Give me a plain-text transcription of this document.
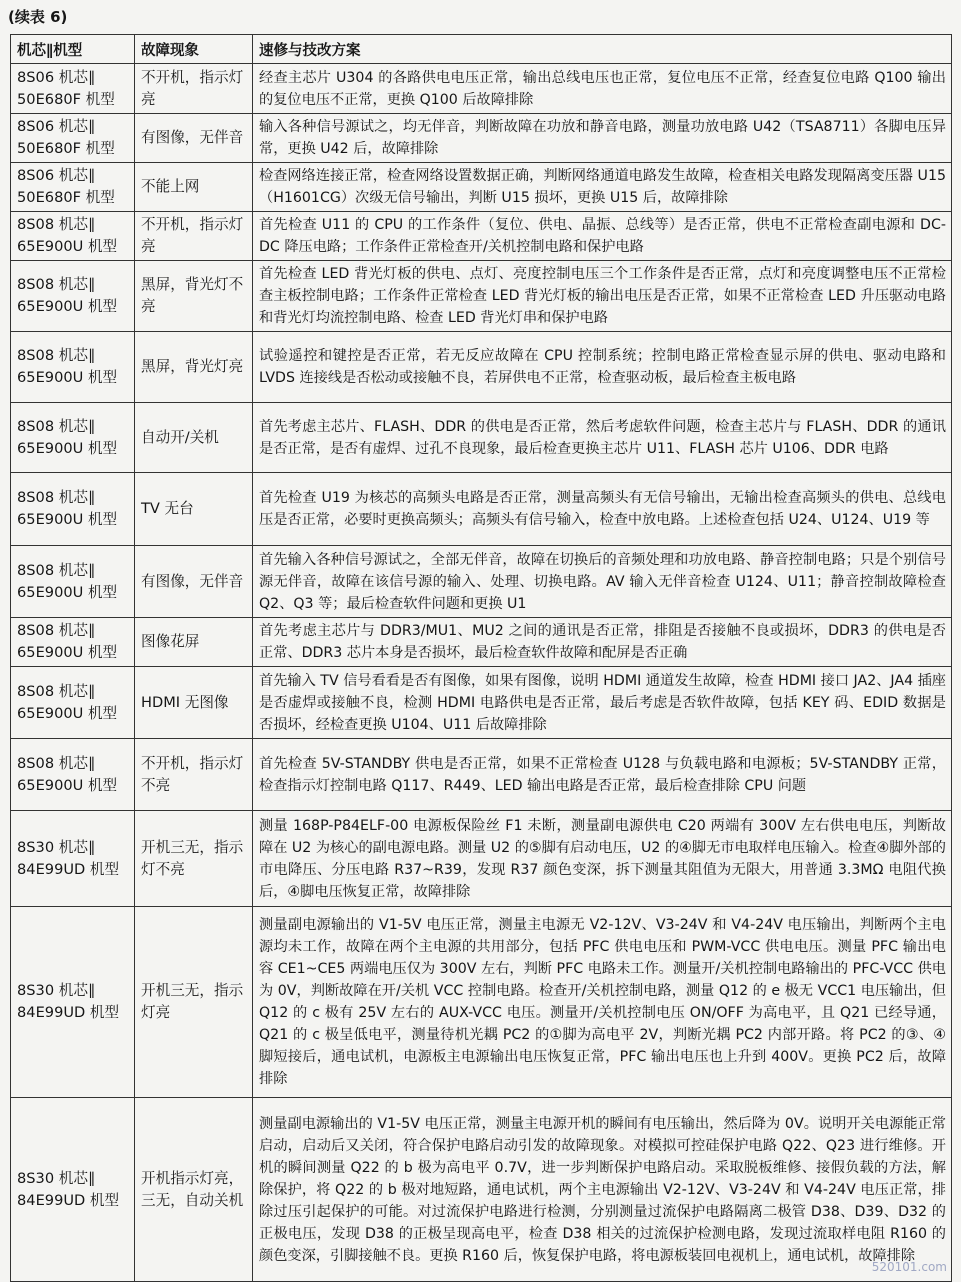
(续表 6)
机芯∥机型	故障现象	速修与技改方案
8S06 机芯∥ 50E680F 机型	不开机，指示灯亮	经查主芯片 U304 的各路供电电压正常，输出总线电压也正常，复位电压不正常，经查复位电路 Q100 输出的复位电压不正常，更换 Q100 后故障排除
8S06 机芯∥ 50E680F 机型	有图像，无伴音	输入各种信号源试之，均无伴音，判断故障在功放和静音电路，测量功放电路 U42（TSA8711）各脚电压异常，更换 U42 后，故障排除
8S06 机芯∥ 50E680F 机型	不能上网	检查网络连接正常，检查网络设置数据正确，判断网络通道电路发生故障，检查相关电路发现隔离变压器 U15（H1601CG）次级无信号输出，判断 U15 损坏，更换 U15 后，故障排除
8S08 机芯∥ 65E900U 机型	不开机，指示灯亮	首先检查 U11 的 CPU 的工作条件（复位、供电、晶振、总线等）是否正常，供电不正常检查副电源和 DC-DC 降压电路；工作条件正常检查开/关机控制电路和保护电路
8S08 机芯∥ 65E900U 机型	黑屏，背光灯不亮	首先检查 LED 背光灯板的供电、点灯、亮度控制电压三个工作条件是否正常，点灯和亮度调整电压不正常检查主板控制电路；工作条件正常检查 LED 背光灯板的输出电压是否正常，如果不正常检查 LED 升压驱动电路和背光灯均流控制电路、检查 LED 背光灯串和保护电路
8S08 机芯∥ 65E900U 机型	黑屏，背光灯亮	试验遥控和键控是否正常，若无反应故障在 CPU 控制系统；控制电路正常检查显示屏的供电、驱动电路和 LVDS 连接线是否松动或接触不良，若屏供电不正常，检查驱动板，最后检查主板电路
8S08 机芯∥ 65E900U 机型	自动开/关机	首先考虑主芯片、FLASH、DDR 的供电是否正常，然后考虑软件问题，检查主芯片与 FLASH、DDR 的通讯是否正常，是否有虚焊、过孔不良现象，最后检查更换主芯片 U11、FLASH 芯片 U106、DDR 电路
8S08 机芯∥ 65E900U 机型	TV 无台	首先检查 U19 为核芯的高频头电路是否正常，测量高频头有无信号输出，无输出检查高频头的供电、总线电压是否正常，必要时更换高频头；高频头有信号输入，检查中放电路。上述检查包括 U24、U124、U19 等
8S08 机芯∥ 65E900U 机型	有图像，无伴音	首先输入各种信号源试之，全部无伴音，故障在切换后的音频处理和功放电路、静音控制电路；只是个别信号源无伴音，故障在该信号源的输入、处理、切换电路。AV 输入无伴音检查 U124、U11；静音控制故障检查 Q2、Q3 等；最后检查软件问题和更换 U1
8S08 机芯∥ 65E900U 机型	图像花屏	首先考虑主芯片与 DDR3/MU1、MU2 之间的通讯是否正常，排阻是否接触不良或损坏，DDR3 的供电是否正常、DDR3 芯片本身是否损坏，最后检查软件故障和配屏是否正确
8S08 机芯∥ 65E900U 机型	HDMI 无图像	首先输入 TV 信号看看是否有图像，如果有图像，说明 HDMI 通道发生故障，检查 HDMI 接口 JA2、JA4 插座是否虚焊或接触不良，检测 HDMI 电路供电是否正常，最后考虑是否软件故障，包括 KEY 码、EDID 数据是否损坏，经检查更换 U104、U11 后故障排除
8S08 机芯∥ 65E900U 机型	不开机，指示灯不亮	首先检查 5V-STANDBY 供电是否正常，如果不正常检查 U128 与负载电路和电源板；5V-STANDBY 正常，检查指示灯控制电路 Q117、R449、LED 输出电路是否正常，最后检查排除 CPU 问题
8S30 机芯∥ 84E99UD 机型	开机三无，指示灯不亮	测量 168P-P84ELF-00 电源板保险丝 F1 未断，测量副电源供电 C20 两端有 300V 左右供电电压，判断故障在 U2 为核心的副电源电路。测量 U2 的⑤脚有启动电压，U2 的④脚无市电取样电压输入。检查④脚外部的市电降压、分压电路 R37~R39，发现 R37 颜色变深，拆下测量其阻值为无限大，用普通 3.3MΩ 电阻代换后，④脚电压恢复正常，故障排除
8S30 机芯∥ 84E99UD 机型	开机三无，指示灯亮	测量副电源输出的 V1-5V 电压正常，测量主电源无 V2-12V、V3-24V 和 V4-24V 电压输出，判断两个主电源均未工作，故障在两个主电源的共用部分，包括 PFC 供电电压和 PWM-VCC 供电电压。测量 PFC 输出电容 CE1~CE5 两端电压仅为 300V 左右，判断 PFC 电路未工作。测量开/关机控制电路输出的 PFC-VCC 供电为 0V，判断故障在开/关机 VCC 控制电路。检查开/关机控制电路，测量 Q12 的 e 极无 VCC1 电压输出，但 Q12 的 c 极有 25V 左右的 AUX-VCC 电压。测量开/关机控制电压 ON/OFF 为高电平，且 Q21 已经导通，Q21 的 c 极呈低电平，测量待机光耦 PC2 的①脚为高电平 2V，判断光耦 PC2 内部开路。将 PC2 的③、④脚短接后，通电试机，电源板主电源输出电压恢复正常，PFC 输出电压也上升到 400V。更换 PC2 后，故障排除
8S30 机芯∥ 84E99UD 机型	开机指示灯亮，三无，自动关机	测量副电源输出的 V1-5V 电压正常，测量主电源开机的瞬间有电压输出，然后降为 0V。说明开关电源能正常启动，启动后又关闭，符合保护电路启动引发的故障现象。对模拟可控硅保护电路 Q22、Q23 进行维修。开机的瞬间测量 Q22 的 b 极为高电平 0.7V，进一步判断保护电路启动。采取脱板维修、接假负载的方法，解除保护，将 Q22 的 b 极对地短路，通电试机，两个主电源输出 V2-12V、V3-24V 和 V4-24V 电压正常，排除过压引起保护的可能。对过流保护电路进行检测，分别测量过流保护电路隔离二极管 D38、D39、D32 的正极电压，发现 D38 的正极呈现高电平，检查 D38 相关的过流保护检测电路，发现过流取样电阻 R160 的颜色变深，引脚接触不良。更换 R160 后，恢复保护电路，将电源板装回电视机上，通电试机，故障排除
520101.com
